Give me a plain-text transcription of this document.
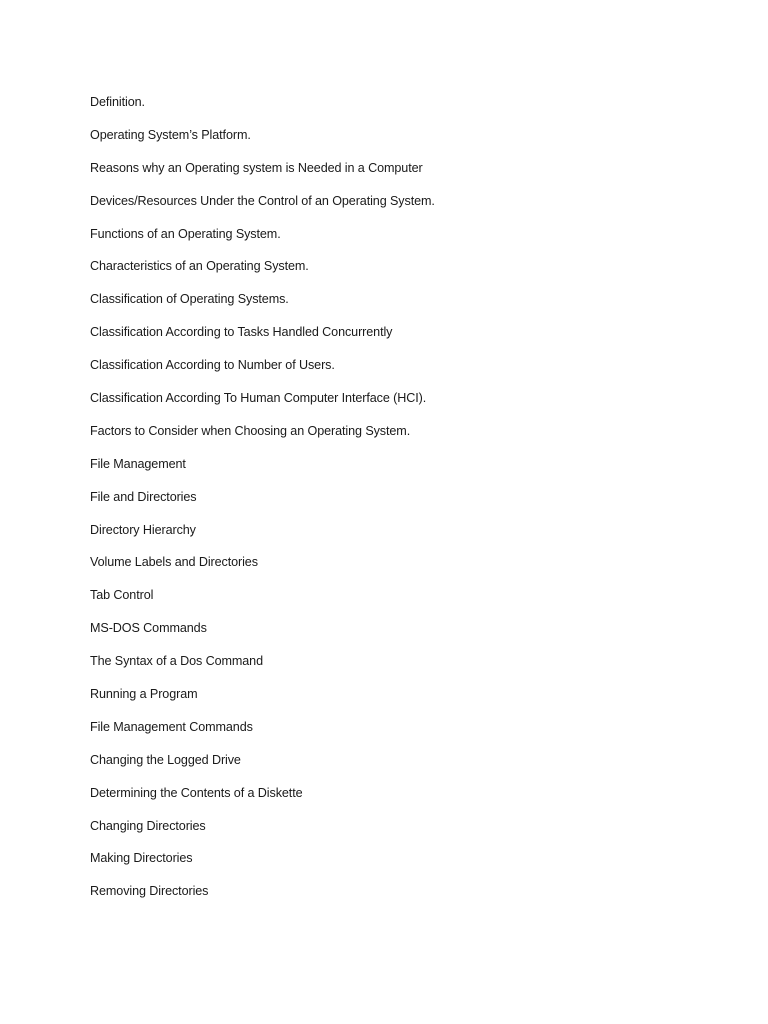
Definition.
Operating System’s Platform.
Reasons why an Operating system is Needed in a Computer
Devices/Resources Under the Control of an Operating System.
Functions of an Operating System.
Characteristics of an Operating System.
Classification of Operating Systems.
Classification According to Tasks Handled Concurrently
Classification According to Number of Users.
Classification According To Human Computer Interface (HCI).
Factors to Consider when Choosing an Operating System.
File Management
File and Directories
Directory Hierarchy
Volume Labels and Directories
Tab Control
MS-DOS Commands
The Syntax of a Dos Command
Running a Program
File Management Commands
Changing the Logged Drive
Determining the Contents of a Diskette
Changing Directories
Making Directories
Removing Directories
